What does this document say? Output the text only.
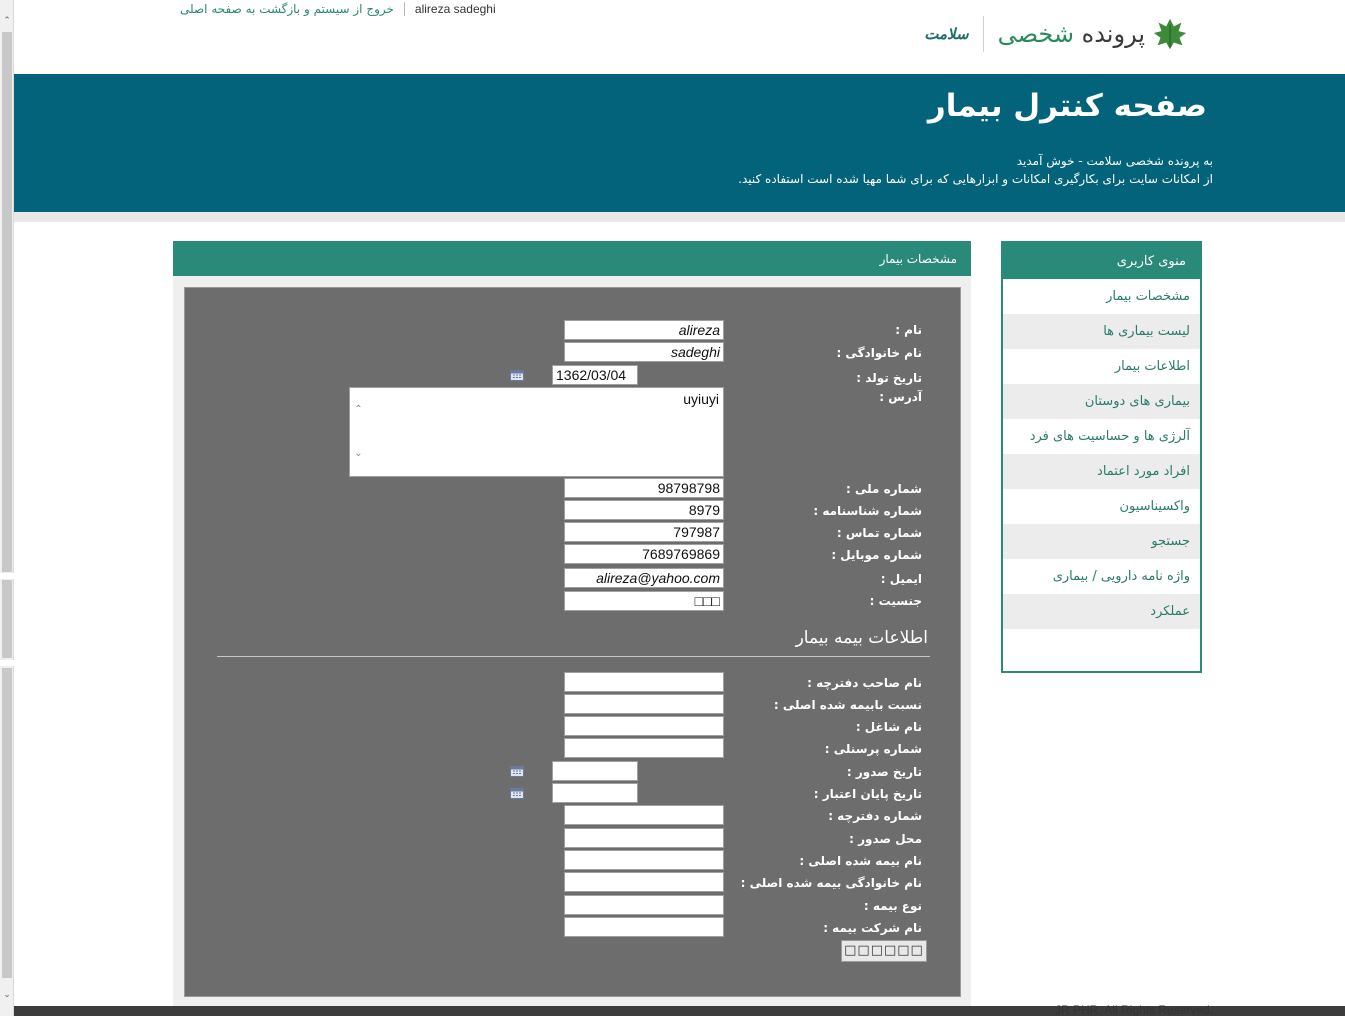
⌃
⌄
خروج از سیستم و بازگشت به صفحه اصلی alireza sadeghi
پرونده شخصی
سلامت
صفحه کنترل بیمار
به پرونده شخصی سلامت - خوش آمدید
از امکانات سایت برای بکارگیری امکانات و ابزارهایی که برای شما مهیا شده است استفاده کنید.
منوی کاربری
مشخصات بیمار
لیست بیماری ها
اطلاعات بیمار
بیماری های دوستان
آلرژی ها و حساسیت های فرد
افراد مورد اعتماد
واکسیناسیون
جستجو
واژه نامه دارویی / بیماری
عملکرد
مشخصات بیمار
نام :
alireza
نام خانوادگی :
sadeghi
تاریخ تولد :
1362/03/04
آدرس :
uyiuyi
⌃
⌄
شماره ملی :
98798798
شماره شناسنامه :
8979
شماره تماس :
797987
شماره موبایل :
7689769869
ایمیل :
alireza@yahoo.com
جنسیت :
□□□
اطلاعات بیمه بیمار
نام صاحب دفترچه :
نسبت بابیمه شده اصلی :
نام شاغل :
شماره پرسنلی :
تاریخ صدور :
تاریخ پایان اعتبار :
شماره دفترچه :
محل صدور :
نام بیمه شده اصلی :
نام خانوادگی بیمه شده اصلی :
نوع بیمه :
نام شرکت بیمه :
□□□□□□
JR PHR. All Rights Reserved.
